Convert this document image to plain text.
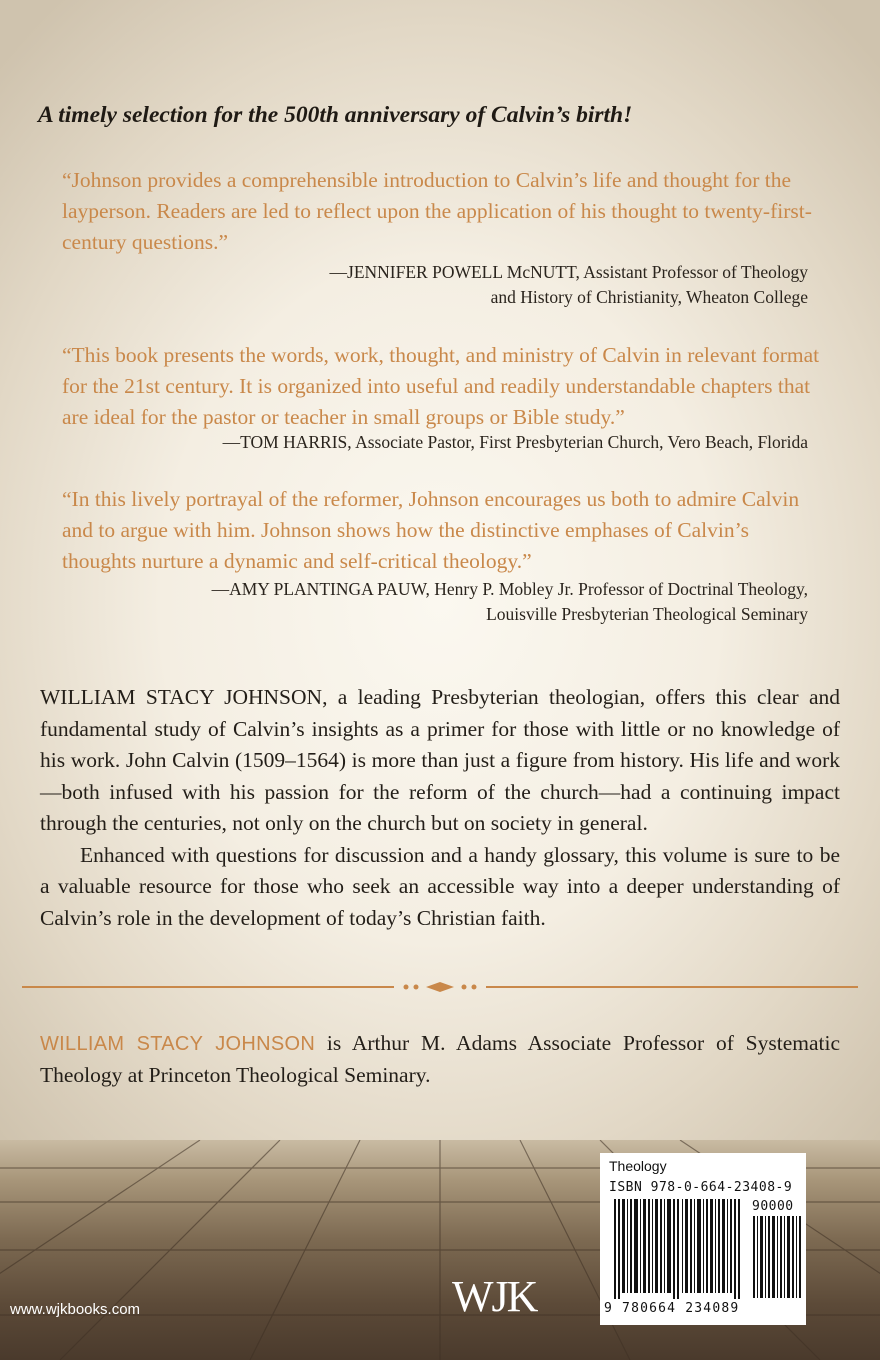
A timely selection for the 500th anniversary of Calvin’s birth!

“Johnson provides a comprehensible introduction to Calvin’s life and thought for the layperson. Readers are led to reflect upon the application of his thought to twenty-first-century questions.”

—JENNIFER POWELL McNUTT, Assistant Professor of Theology
and History of Christianity, Wheaton College

“This book presents the words, work, thought, and ministry of Calvin in relevant format for the 21st century. It is organized into useful and readily understandable chapters that are ideal for the pastor or teacher in small groups or Bible study.”

—TOM HARRIS, Associate Pastor, First Presbyterian Church, Vero Beach, Florida

“In this lively portrayal of the reformer, Johnson encourages us both to admire Calvin and to argue with him. Johnson shows how the distinctive emphases of Calvin’s thoughts nurture a dynamic and self-critical theology.”

—AMY PLANTINGA PAUW, Henry P. Mobley Jr. Professor of Doctrinal Theology,
Louisville Presbyterian Theological Seminary

WILLIAM STACY JOHNSON, a leading Presbyterian theologian, offers this clear and fundamental study of Calvin’s insights as a primer for those with little or no knowledge of his work. John Calvin (1509–1564) is more than just a figure from history. His life and work—both infused with his passion for the reform of the church—had a continuing impact through the centuries, not only on the church but on society in general.
Enhanced with questions for discussion and a handy glossary, this volume is sure to be a valuable resource for those who seek an accessible way into a deeper understanding of Calvin’s role in the development of today’s Christian faith.

WILLIAM STACY JOHNSON is Arthur M. Adams Associate Professor of Systematic Theology at Princeton Theological Seminary.

www.wjkbooks.com	WJK
Theology
ISBN 978-0-664-23408-9
90000
9 780664 234089
